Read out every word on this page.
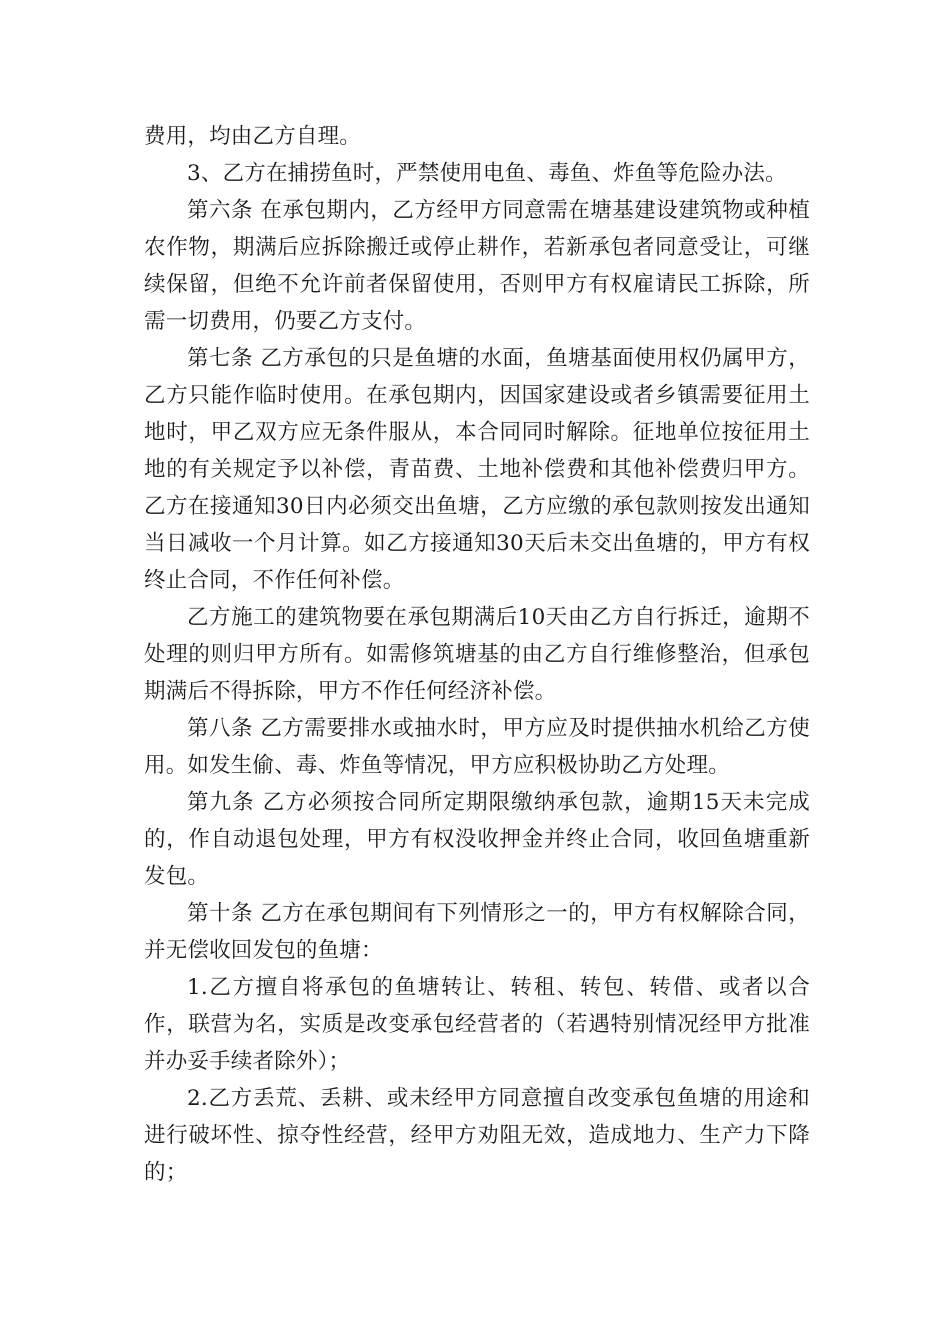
费用，均由乙方自理。

3、乙方在捕捞鱼时，严禁使用电鱼、毒鱼、炸鱼等危险办法。

第六条 在承包期内，乙方经甲方同意需在塘基建设建筑物或种植农作物，期满后应拆除搬迁或停止耕作，若新承包者同意受让，可继续保留，但绝不允许前者保留使用，否则甲方有权雇请民工拆除，所需一切费用，仍要乙方支付。

第七条 乙方承包的只是鱼塘的水面，鱼塘基面使用权仍属甲方，乙方只能作临时使用。在承包期内，因国家建设或者乡镇需要征用土地时，甲乙双方应无条件服从，本合同同时解除。征地单位按征用土地的有关规定予以补偿，青苗费、土地补偿费和其他补偿费归甲方。乙方在接通知30日内必须交出鱼塘，乙方应缴的承包款则按发出通知当日减收一个月计算。如乙方接通知30天后未交出鱼塘的，甲方有权终止合同，不作任何补偿。

乙方施工的建筑物要在承包期满后10天由乙方自行拆迁，逾期不处理的则归甲方所有。如需修筑塘基的由乙方自行维修整治，但承包期满后不得拆除，甲方不作任何经济补偿。

第八条 乙方需要排水或抽水时，甲方应及时提供抽水机给乙方使用。如发生偷、毒、炸鱼等情况，甲方应积极协助乙方处理。

第九条 乙方必须按合同所定期限缴纳承包款，逾期15天未完成的，作自动退包处理，甲方有权没收押金并终止合同，收回鱼塘重新发包。

第十条 乙方在承包期间有下列情形之一的，甲方有权解除合同，并无偿收回发包的鱼塘：

1.乙方擅自将承包的鱼塘转让、转租、转包、转借、或者以合作，联营为名，实质是改变承包经营者的（若遇特别情况经甲方批准并办妥手续者除外）；

2.乙方丢荒、丢耕、或未经甲方同意擅自改变承包鱼塘的用途和进行破坏性、掠夺性经营，经甲方劝阻无效，造成地力、生产力下降的；
